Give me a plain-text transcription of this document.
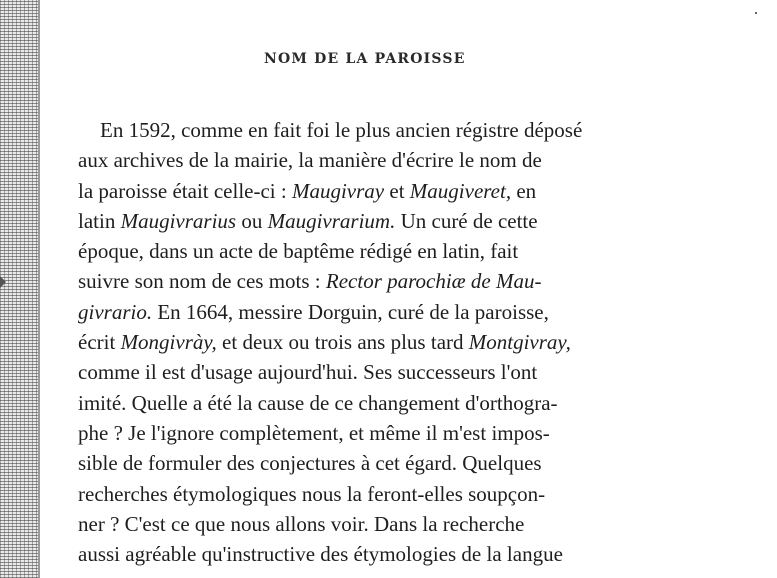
NOM DE LA PAROISSE
En 1592, comme en fait foi le plus ancien régistre déposé
aux archives de la mairie, la manière d'écrire le nom de
la paroisse était celle-ci : Maugivray et Maugiveret, en
latin Maugivrarius ou Maugivrarium. Un curé de cette
époque, dans un acte de baptême rédigé en latin, fait
suivre son nom de ces mots : Rector parochiæ de Mau-
givrario. En 1664, messire Dorguin, curé de la paroisse,
écrit Mongivrày, et deux ou trois ans plus tard Montgivray,
comme il est d'usage aujourd'hui. Ses successeurs l'ont
imité. Quelle a été la cause de ce changement d'orthogra-
phe ? Je l'ignore complètement, et même il m'est impos-
sible de formuler des conjectures à cet égard. Quelques
recherches étymologiques nous la feront-elles soupçon-
ner ? C'est ce que nous allons voir. Dans la recherche
aussi agréable qu'instructive des étymologies de la langue
